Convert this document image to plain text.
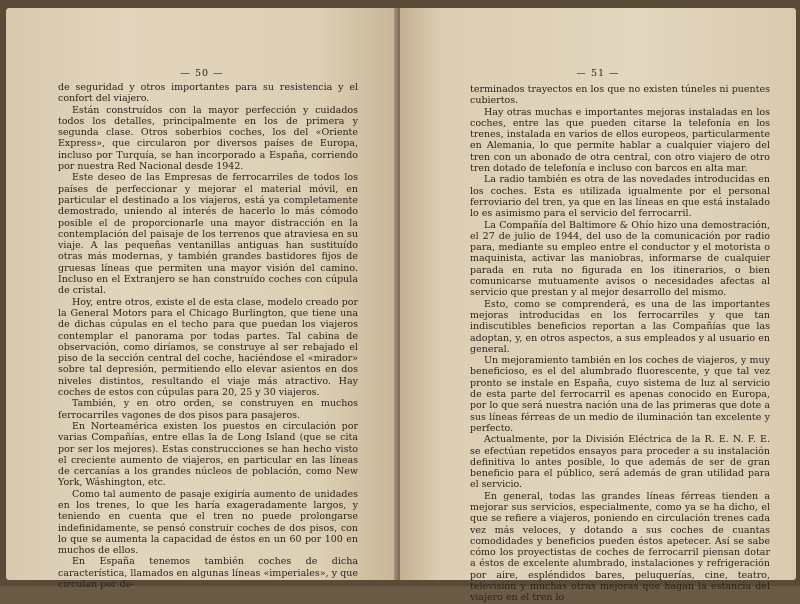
— 50 —

de seguridad y otros importantes para su resistencia y el confort del viajero.

Están construídos con la mayor perfección y cuidados todos los detalles, principalmente en los de primera y segunda clase. Otros soberbios coches, los del «Oriente Express», que circularon por diversos países de Europa, incluso por Turquía, se han incorporado a España, corriendo por nuestra Red Nacional desde 1942.

Este deseo de las Empresas de ferrocarriles de todos los países de perfeccionar y mejorar el material móvil, en particular el destinado a los viajeros, está ya completamente demostrado, uniendo al interés de hacerlo lo más cómodo posible el de proporcionarle una mayor distracción en la contemplación del paisaje de los terrenos que atraviesa en su viaje. A las pequeñas ventanillas antiguas han sustituído otras más modernas, y también grandes bastidores fijos de gruesas líneas que permiten una mayor visión del camino. Incluso en el Extranjero se han construído coches con cúpula de cristal.

Hoy, entre otros, existe el de esta clase, modelo creado por la General Motors para el Chicago Burlington, que tiene una de dichas cúpulas en el techo para que puedan los viajeros contemplar el panorama por todas partes. Tal cabina de observación, como diríamos, se construye al ser rebajado el piso de la sección central del coche, haciéndose el «mirador» sobre tal depresión, permitiendo ello elevar asientos en dos niveles distintos, resultando el viaje más atractivo. Hay coches de estos con cúpulas para 20, 25 y 30 viajeros.

También, y en otro orden, se construyen en muchos ferrocarriles vagones de dos pisos para pasajeros.

En Norteamérica existen los puestos en circulación por varias Compañías, entre ellas la de Long Island (que se cita por ser los mejores). Estas construcciones se han hecho visto el creciente aumento de viajeros, en particular en las líneas de cercanías a los grandes núcleos de población, como New York, Wáshington, etc.

Como tal aumento de pasaje exigiría aumento de unidades en los trenes, lo que les haría exageradamente largos, y teniendo en cuenta que el tren no puede prolongarse indefinidamente, se pensó construir coches de dos pisos, con lo que se aumenta la capacidad de éstos en un 60 por 100 en muchos de ellos.

En España tenemos también coches de dicha característica, llamados en algunas líneas «imperiales», y que circulan por de-

— 51 —

terminados trayectos en los que no existen túneles ni puentes cubiertos.

Hay otras muchas e importantes mejoras instaladas en los coches, entre las que pueden citarse la telefonía en los trenes, instalada en varios de ellos europeos, particularmente en Alemania, lo que permite hablar a cualquier viajero del tren con un abonado de otra central, con otro viajero de otro tren dotado de telefonía e incluso con barcos en alta mar.

La radio también es otra de las novedades introducidas en los coches. Esta es utilizada igualmente por el personal ferroviario del tren, ya que en las líneas en que está instalado lo es asimismo para el servicio del ferrocarril.

La Compañía del Baltimore & Ohío hizo una demostración, el 27 de julio de 1944, del uso de la comunicación por radio para, mediante su empleo entre el conductor y el motorista o maquinista, activar las maniobras, informarse de cualquier parada en ruta no figurada en los itinerarios, o bien comunicarse mutuamente avisos o necesidades afectas al servicio que prestan y al mejor desarrollo del mismo.

Esto, como se comprenderá, es una de las importantes mejoras introducidas en los ferrocarriles y que tan indiscutibles beneficios reportan a las Compañías que las adoptan, y, en otros aspectos, a sus empleados y al usuario en general.

Un mejoramiento también en los coches de viajeros, y muy beneficioso, es el del alumbrado fluorescente, y que tal vez pronto se instale en España, cuyo sistema de luz al servicio de esta parte del ferrocarril es apenas conocido en Europa, por lo que será nuestra nación una de las primeras que dote a sus líneas férreas de un medio de iluminación tan excelente y perfecto.

Actualmente, por la División Eléctrica de la R. E. N. F. E. se efectúan repetidos ensayos para proceder a su instalación definitiva lo antes posible, lo que además de ser de gran beneficio para el público, será además de gran utilidad para el servicio.

En general, todas las grandes líneas férreas tienden a mejorar sus servicios, especialmente, como ya se ha dicho, el que se refiere a viajeros, poniendo en circulación trenes cada vez más veloces, y dotando a sus coches de cuantas comodidades y beneficios pueden éstos apetecer. Así se sabe cómo los proyectistas de coches de ferrocarril piensan dotar a éstos de excelente alumbrado, instalaciones y refrigeración por aire, espléndidos bares, peluquerías, cine, teatro, televisión y muchas otras mejoras que hagan la estancia del viajero en el tren lo
